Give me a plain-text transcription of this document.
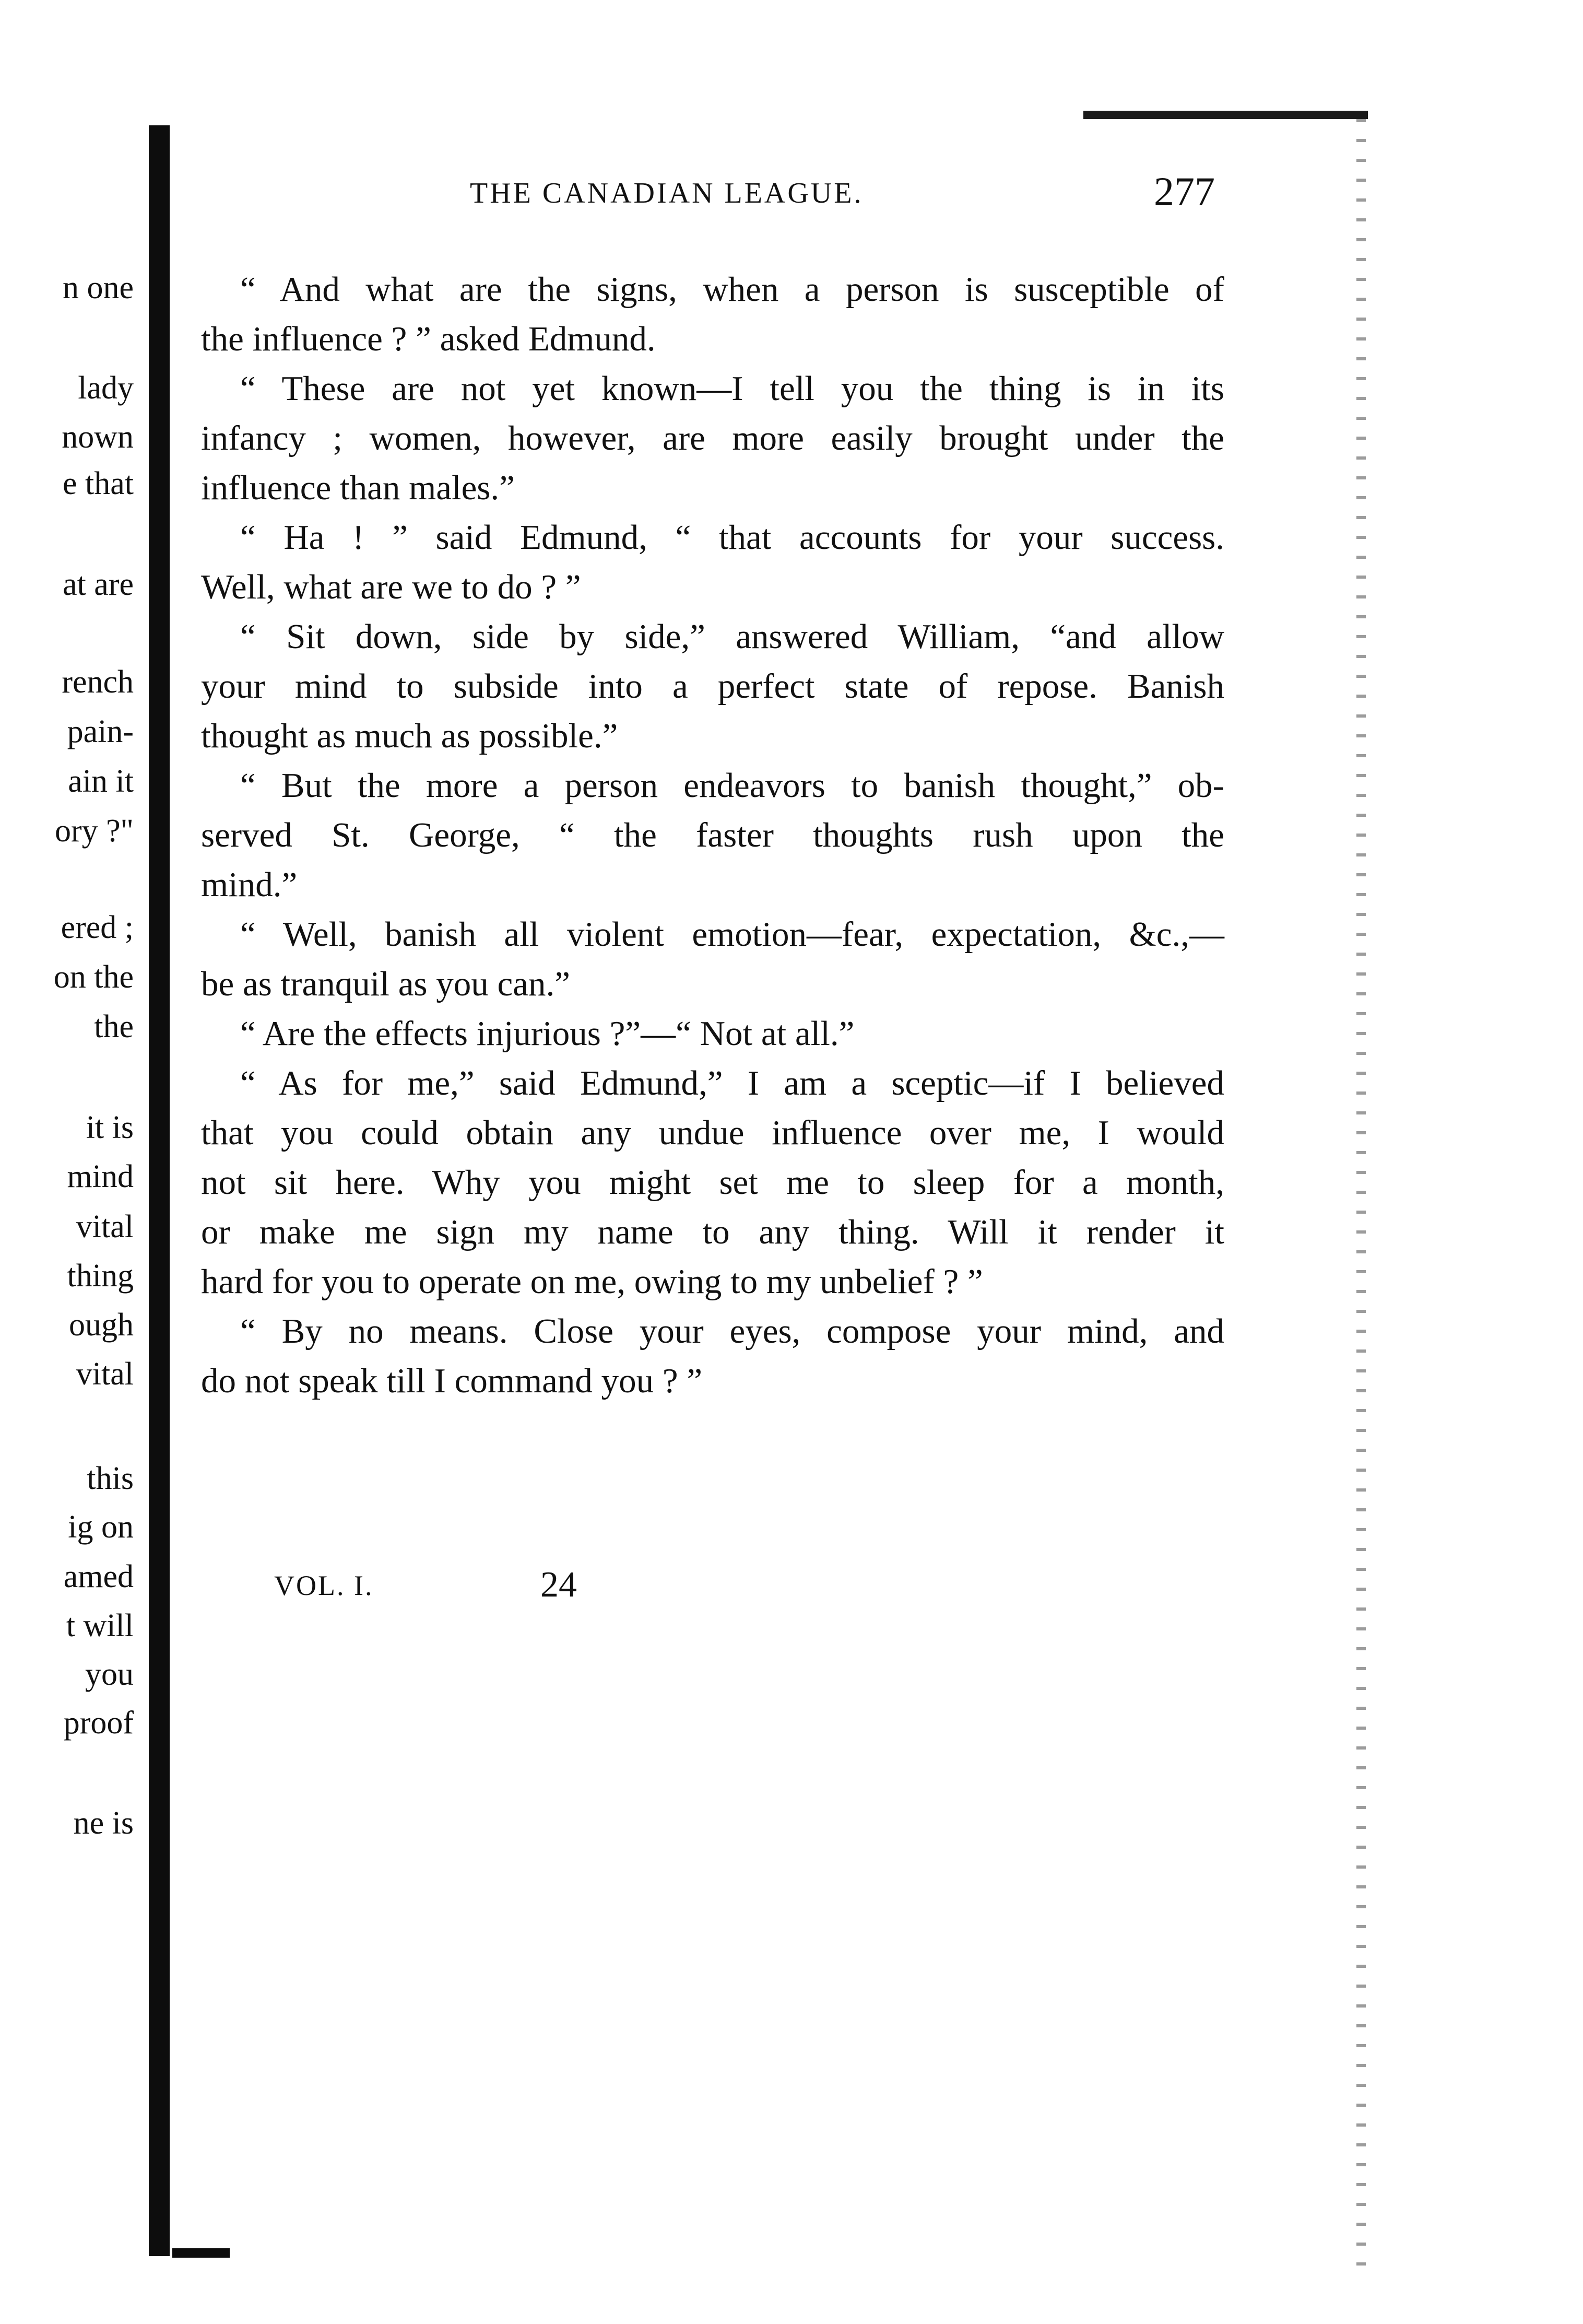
n one
lady
nown
e that
at are
rench
pain-
ain it
ory ?"
ered ;
on the
the
it is
mind
vital
thing
ough
vital
this
ig on
amed
t will
you
proof
ne is
THE CANADIAN LEAGUE.	277
“ And what are the signs, when a person is susceptible of
the influence ? ” asked Edmund.
“ These are not yet known—I tell you the thing is in its
infancy ; women, however, are more easily brought under the
influence than males.”
“ Ha ! ” said Edmund, “ that accounts for your success.
Well, what are we to do ? ”
“ Sit down, side by side,” answered William, “and allow
your mind to subside into a perfect state of repose. Banish
thought as much as possible.”
“ But the more a person endeavors to banish thought,” ob-
served St. George, “ the faster thoughts rush upon the
mind.”
“ Well, banish all violent emotion—fear, expectation, &c.,—
be as tranquil as you can.”
“ Are the effects injurious ?”—“ Not at all.”
“ As for me,” said Edmund,” I am a sceptic—if I believed
that you could obtain any undue influence over me, I would
not sit here. Why you might set me to sleep for a month,
or make me sign my name to any thing. Will it render it
hard for you to operate on me, owing to my unbelief ? ”
“ By no means. Close your eyes, compose your mind, and
do not speak till I command you ? ”
VOL. I.	24
